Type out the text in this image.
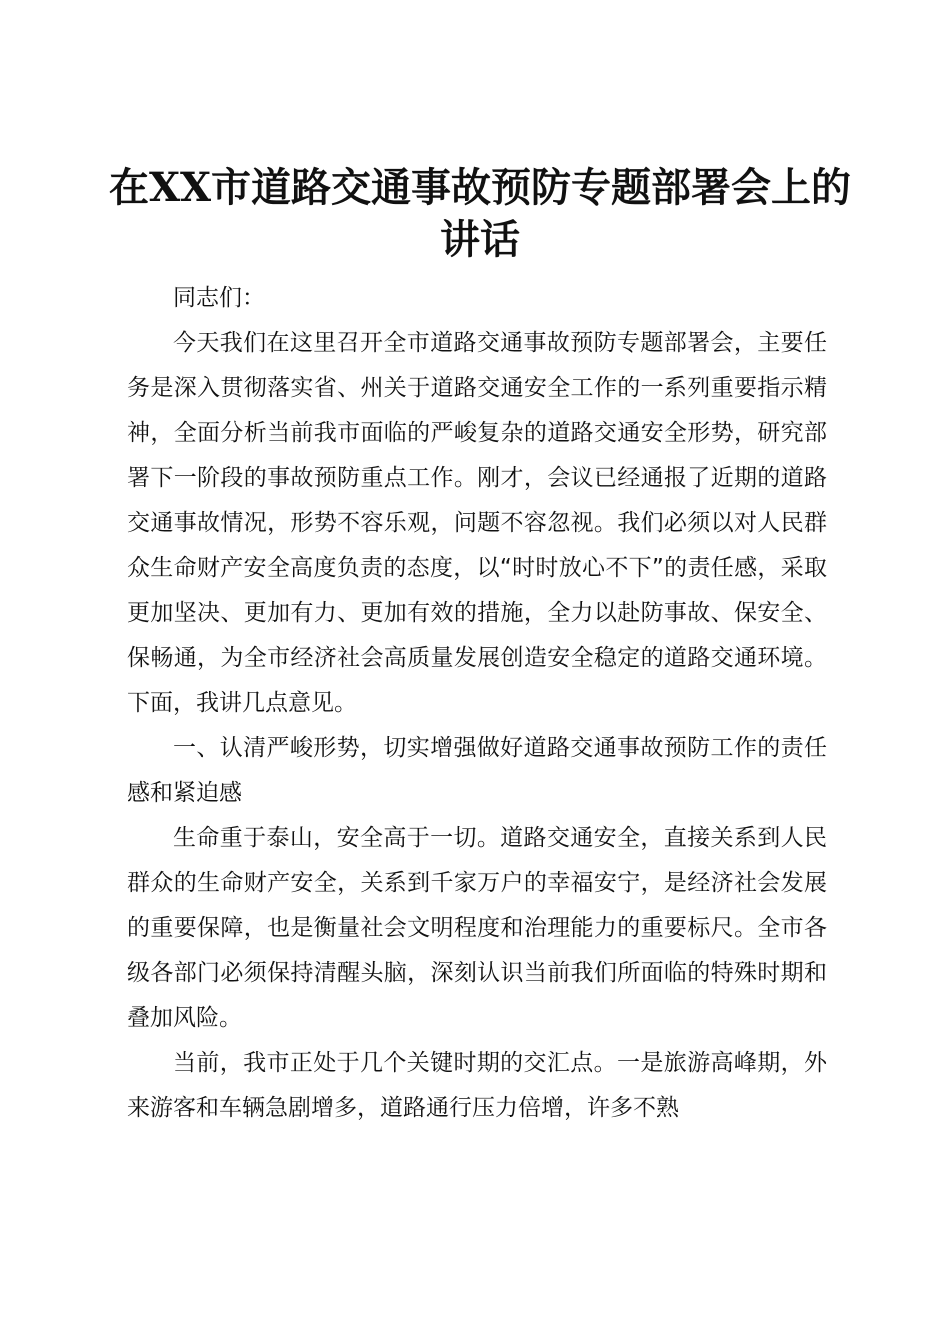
在XX市道路交通事故预防专题部署会上的讲话

同志们：

今天我们在这里召开全市道路交通事故预防专题部署会，主要任务是深入贯彻落实省、州关于道路交通安全工作的一系列重要指示精神，全面分析当前我市面临的严峻复杂的道路交通安全形势，研究部署下一阶段的事故预防重点工作。刚才，会议已经通报了近期的道路交通事故情况，形势不容乐观，问题不容忽视。我们必须以对人民群众生命财产安全高度负责的态度，以“时时放心不下”的责任感，采取更加坚决、更加有力、更加有效的措施，全力以赴防事故、保安全、保畅通，为全市经济社会高质量发展创造安全稳定的道路交通环境。下面，我讲几点意见。

一、认清严峻形势，切实增强做好道路交通事故预防工作的责任感和紧迫感

生命重于泰山，安全高于一切。道路交通安全，直接关系到人民群众的生命财产安全，关系到千家万户的幸福安宁，是经济社会发展的重要保障，也是衡量社会文明程度和治理能力的重要标尺。全市各级各部门必须保持清醒头脑，深刻认识当前我们所面临的特殊时期和叠加风险。

当前，我市正处于几个关键时期的交汇点。一是旅游高峰期，外来游客和车辆急剧增多，道路通行压力倍增，许多不熟
